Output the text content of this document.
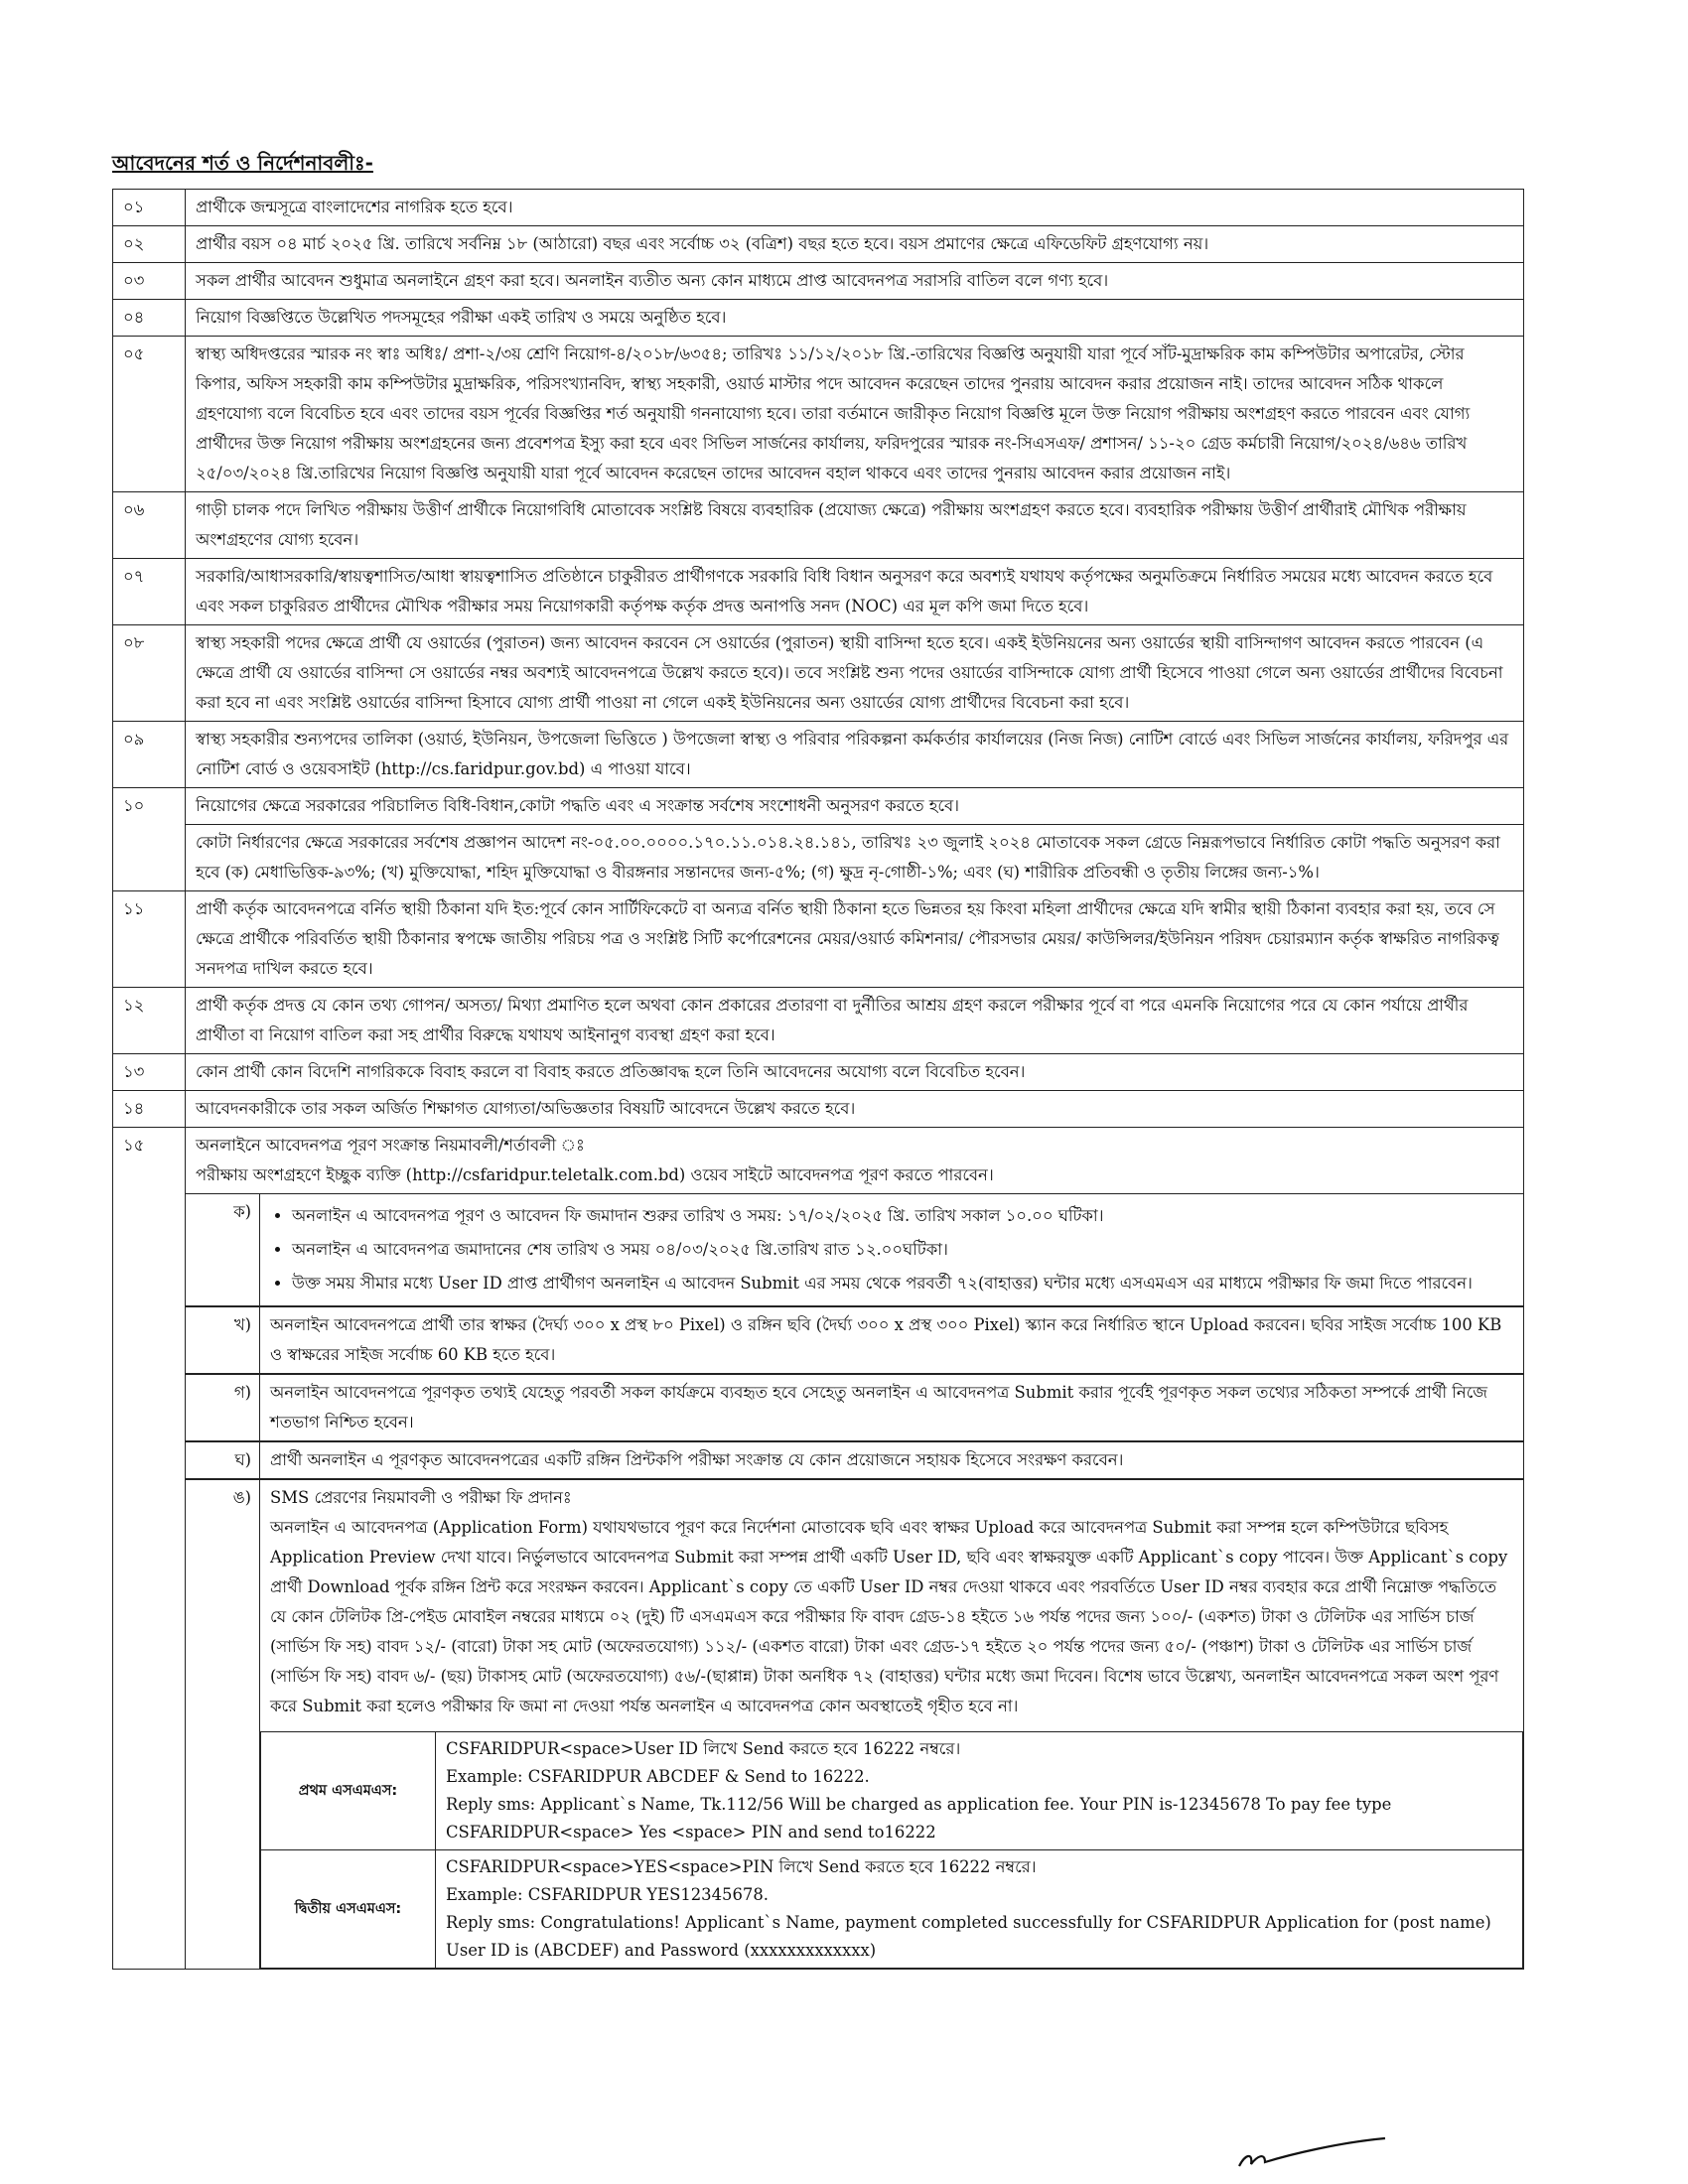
আবেদনের শর্ত ও নির্দেশনাবলীঃ-
০১	প্রার্থীকে জন্মসূত্রে বাংলাদেশের নাগরিক হতে হবে।
০২	প্রার্থীর বয়স ০৪ মার্চ ২০২৫ খ্রি. তারিখে সর্বনিম্ন ১৮ (আঠারো) বছর এবং সর্বোচ্চ ৩২ (বত্রিশ) বছর হতে হবে। বয়স প্রমাণের ক্ষেত্রে এফিডেফিট গ্রহণযোগ্য নয়।
০৩	সকল প্রার্থীর আবেদন শুধুমাত্র অনলাইনে গ্রহণ করা হবে। অনলাইন ব্যতীত অন্য কোন মাধ্যমে প্রাপ্ত আবেদনপত্র সরাসরি বাতিল বলে গণ্য হবে।
০৪	নিয়োগ বিজ্ঞপ্তিতে উল্লেখিত পদসমূহের পরীক্ষা একই তারিখ ও সময়ে অনুষ্ঠিত হবে।
০৫	স্বাস্থ্য অধিদপ্তরের স্মারক নং স্বাঃ অধিঃ/ প্রশা-২/৩য় শ্রেণি নিয়োগ-৪/২০১৮/৬৩৫৪; তারিখঃ ১১/১২/২০১৮ খ্রি.-তারিখের বিজ্ঞপ্তি অনুযায়ী যারা পূর্বে সাঁট-মুদ্রাক্ষরিক কাম কম্পিউটার অপারেটর, স্টোর কিপার, অফিস সহকারী কাম কম্পিউটার মুদ্রাক্ষরিক, পরিসংখ্যানবিদ, স্বাস্থ্য সহকারী, ওয়ার্ড মাস্টার পদে আবেদন করেছেন তাদের পুনরায় আবেদন করার প্রয়োজন নাই। তাদের আবেদন সঠিক থাকলে গ্রহণযোগ্য বলে বিবেচিত হবে এবং তাদের বয়স পূর্বের বিজ্ঞপ্তির শর্ত অনুযায়ী গননাযোগ্য হবে। তারা বর্তমানে জারীকৃত নিয়োগ বিজ্ঞপ্তি মূলে উক্ত নিয়োগ পরীক্ষায় অংশগ্রহণ করতে পারবেন এবং যোগ্য প্রার্থীদের উক্ত নিয়োগ পরীক্ষায় অংশগ্রহনের জন্য প্রবেশপত্র ইস্যু করা হবে এবং সিভিল সার্জনের কার্যালয়, ফরিদপুরের স্মারক নং-সিএসএফ/ প্রশাসন/ ১১-২০ গ্রেড কর্মচারী নিয়োগ/২০২৪/৬৪৬ তারিখ ২৫/০৩/২০২৪ খ্রি.তারিখের নিয়োগ বিজ্ঞপ্তি অনুযায়ী যারা পূর্বে আবেদন করেছেন তাদের আবেদন বহাল থাকবে এবং তাদের পুনরায় আবেদন করার প্রয়োজন নাই।
০৬	গাড়ী চালক পদে লিখিত পরীক্ষায় উত্তীর্ণ প্রার্থীকে নিয়োগবিধি মোতাবেক সংশ্লিষ্ট বিষয়ে ব্যবহারিক (প্রযোজ্য ক্ষেত্রে) পরীক্ষায় অংশগ্রহণ করতে হবে। ব্যবহারিক পরীক্ষায় উত্তীর্ণ প্রার্থীরাই মৌখিক পরীক্ষায় অংশগ্রহণের যোগ্য হবেন।
০৭	সরকারি/আধাসরকারি/স্বায়ত্বশাসিত/আধা স্বায়ত্বশাসিত প্রতিষ্ঠানে চাকুরীরত প্রার্থীগণকে সরকারি বিধি বিধান অনুসরণ করে অবশ্যই যথাযথ কর্তৃপক্ষের অনুমতিক্রমে নির্ধারিত সময়ের মধ্যে আবেদন করতে হবে এবং সকল চাকুরিরত প্রার্থীদের মৌখিক পরীক্ষার সময় নিয়োগকারী কর্তৃপক্ষ কর্তৃক প্রদত্ত অনাপত্তি সনদ (NOC) এর মূল কপি জমা দিতে হবে।
০৮	স্বাস্থ্য সহকারী পদের ক্ষেত্রে প্রার্থী যে ওয়ার্ডের (পুরাতন) জন্য আবেদন করবেন সে ওয়ার্ডের (পুরাতন) স্থায়ী বাসিন্দা হতে হবে। একই ইউনিয়নের অন্য ওয়ার্ডের স্থায়ী বাসিন্দাগণ আবেদন করতে পারবেন (এ ক্ষেত্রে প্রার্থী যে ওয়ার্ডের বাসিন্দা সে ওয়ার্ডের নম্বর অবশ্যই আবেদনপত্রে উল্লেখ করতে হবে)। তবে সংশ্লিষ্ট শুন্য পদের ওয়ার্ডের বাসিন্দাকে যোগ্য প্রার্থী হিসেবে পাওয়া গেলে অন্য ওয়ার্ডের প্রার্থীদের বিবেচনা করা হবে না এবং সংশ্লিষ্ট ওয়ার্ডের বাসিন্দা হিসাবে যোগ্য প্রার্থী পাওয়া না গেলে একই ইউনিয়নের অন্য ওয়ার্ডের যোগ্য প্রার্থীদের বিবেচনা করা হবে।
০৯	স্বাস্থ্য সহকারীর শুন্যপদের তালিকা (ওয়ার্ড, ইউনিয়ন, উপজেলা ভিত্তিতে ) উপজেলা স্বাস্থ্য ও পরিবার পরিকল্পনা কর্মকর্তার কার্যালয়ের (নিজ নিজ) নোটিশ বোর্ডে এবং সিভিল সার্জনের কার্যালয়, ফরিদপুর এর নোটিশ বোর্ড ও ওয়েবসাইট (http://cs.faridpur.gov.bd) এ পাওয়া যাবে।
১০	নিয়োগের ক্ষেত্রে সরকারের পরিচালিত বিধি-বিধান,কোটা পদ্ধতি এবং এ সংক্রান্ত সর্বশেষ সংশোধনী অনুসরণ করতে হবে।
কোটা নির্ধারণের ক্ষেত্রে সরকারের সর্বশেষ প্রজ্ঞাপন আদেশ নং-০৫.০০.০০০০.১৭০.১১.০১৪.২৪.১৪১, তারিখঃ ২৩ জুলাই ২০২৪ মোতাবেক সকল গ্রেডে নিম্নরূপভাবে নির্ধারিত কোটা পদ্ধতি অনুসরণ করা হবে (ক) মেধাভিত্তিক-৯৩%; (খ) মুক্তিযোদ্ধা, শহিদ মুক্তিযোদ্ধা ও বীরঙ্গনার সন্তানদের জন্য-৫%; (গ) ক্ষুদ্র নৃ-গোষ্ঠী-১%; এবং (ঘ) শারীরিক প্রতিবন্ধী ও তৃতীয় লিঙ্গের জন্য-১%।
১১	প্রার্থী কর্তৃক আবেদনপত্রে বর্নিত স্থায়ী ঠিকানা যদি ইত:পূর্বে কোন সার্টিফিকেটে বা অন্যত্র বর্নিত স্থায়ী ঠিকানা হতে ভিন্নতর হয় কিংবা মহিলা প্রার্থীদের ক্ষেত্রে যদি স্বামীর স্থায়ী ঠিকানা ব্যবহার করা হয়, তবে সে ক্ষেত্রে প্রার্থীকে পরিবর্তিত স্থায়ী ঠিকানার স্বপক্ষে জাতীয় পরিচয় পত্র ও সংশ্লিষ্ট সিটি কর্পোরেশনের মেয়র/ওয়ার্ড কমিশনার/ পৌরসভার মেয়র/ কাউন্সিলর/ইউনিয়ন পরিষদ চেয়ারম্যান কর্তৃক স্বাক্ষরিত নাগরিকত্ব সনদপত্র দাখিল করতে হবে।
১২	প্রার্থী কর্তৃক প্রদত্ত যে কোন তথ্য গোপন/ অসত্য/ মিথ্যা প্রমাণিত হলে অথবা কোন প্রকারের প্রতারণা বা দুর্নীতির আশ্রয় গ্রহণ করলে পরীক্ষার পূর্বে বা পরে এমনকি নিয়োগের পরে যে কোন পর্যায়ে প্রার্থীর প্রার্থীতা বা নিয়োগ বাতিল করা সহ প্রার্থীর বিরুদ্ধে যথাযথ আইনানুগ ব্যবস্থা গ্রহণ করা হবে।
১৩	কোন প্রার্থী কোন বিদেশি নাগরিককে বিবাহ করলে বা বিবাহ করতে প্রতিজ্ঞাবদ্ধ হলে তিনি আবেদনের অযোগ্য বলে বিবেচিত হবেন।
১৪	আবেদনকারীকে তার সকল অর্জিত শিক্ষাগত যোগ্যতা/অভিজ্ঞতার বিষয়টি আবেদনে উল্লেখ করতে হবে।
১৫	অনলাইনে আবেদনপত্র পূরণ সংক্রান্ত নিয়মাবলী/শর্তাবলী ঃ
পরীক্ষায় অংশগ্রহণে ইচ্ছুক ব্যক্তি (http://csfaridpur.teletalk.com.bd) ওয়েব সাইটে আবেদনপত্র পূরণ করতে পারবেন।
ক)
•	অনলাইন এ আবেদনপত্র পূরণ ও আবেদন ফি জমাদান শুরুর তারিখ ও সময়: ১৭/০২/২০২৫ খ্রি. তারিখ সকাল ১০.০০ ঘটিকা।
• অনলাইন এ আবেদনপত্র জমাদানের শেষ তারিখ ও সময় ০৪/০৩/২০২৫ খ্রি.তারিখ রাত ১২.০০ঘটিকা।
• উক্ত সময় সীমার মধ্যে User ID প্রাপ্ত প্রার্থীগণ অনলাইন এ আবেদন Submit এর সময় থেকে পরবর্তী ৭২(বাহাত্তর) ঘন্টার মধ্যে এসএমএস এর মাধ্যমে পরীক্ষার ফি জমা দিতে পারবেন।
খ)	অনলাইন আবেদনপত্রে প্রার্থী তার স্বাক্ষর (দৈর্ঘ্য ৩০০ x প্রস্থ ৮০ Pixel) ও রঙ্গিন ছবি (দৈর্ঘ্য ৩০০ x প্রস্থ ৩০০ Pixel) স্ক্যান করে নির্ধারিত স্থানে Upload করবেন। ছবির সাইজ সর্বোচ্চ 100 KB ও স্বাক্ষরের সাইজ সর্বোচ্চ 60 KB হতে হবে।
গ)	অনলাইন আবেদনপত্রে পূরণকৃত তথ্যই যেহেতু পরবর্তী সকল কার্যক্রমে ব্যবহৃত হবে সেহেতু অনলাইন এ আবেদনপত্র Submit করার পূর্বেই পূরণকৃত সকল তথ্যের সঠিকতা সম্পর্কে প্রার্থী নিজে শতভাগ নিশ্চিত হবেন।
ঘ)	প্রার্থী অনলাইন এ পূরণকৃত আবেদনপত্রের একটি রঙ্গিন প্রিন্টকপি পরীক্ষা সংক্রান্ত যে কোন প্রয়োজনে সহায়ক হিসেবে সংরক্ষণ করবেন।
ঙ)	SMS প্রেরণের নিয়মাবলী ও পরীক্ষা ফি প্রদানঃ
অনলাইন এ আবেদনপত্র (Application Form) যথাযথভাবে পূরণ করে নির্দেশনা মোতাবেক ছবি এবং স্বাক্ষর Upload করে আবেদনপত্র Submit করা সম্পন্ন হলে কম্পিউটারে ছবিসহ Application Preview দেখা যাবে। নির্ভুলভাবে আবেদনপত্র Submit করা সম্পন্ন প্রার্থী একটি User ID, ছবি এবং স্বাক্ষরযুক্ত একটি Applicant`s copy পাবেন। উক্ত Applicant`s copy প্রার্থী Download পূর্বক রঙ্গিন প্রিন্ট করে সংরক্ষন করবেন। Applicant`s copy তে একটি User ID নম্বর দেওয়া থাকবে এবং পরবর্তিতে User ID নম্বর ব্যবহার করে প্রার্থী নিম্নোক্ত পদ্ধতিতে যে কোন টেলিটক প্রি-পেইড মোবাইল নম্বরের মাধ্যমে ০২ (দুই) টি এসএমএস করে পরীক্ষার ফি বাবদ গ্রেড-১৪ হইতে ১৬ পর্যন্ত পদের জন্য ১০০/- (একশত) টাকা ও টেলিটক এর সার্ভিস চার্জ (সার্ভিস ফি সহ) বাবদ ১২/- (বারো) টাকা সহ মোট (অফেরতযোগ্য) ১১২/- (একশত বারো) টাকা এবং গ্রেড-১৭ হইতে ২০ পর্যন্ত পদের জন্য ৫০/- (পঞ্চাশ) টাকা ও টেলিটক এর সার্ভিস চার্জ (সার্ভিস ফি সহ) বাবদ ৬/- (ছয়) টাকাসহ মোট (অফেরতযোগ্য) ৫৬/-(ছাপ্পান্ন) টাকা অনধিক ৭২ (বাহাত্তর) ঘন্টার মধ্যে জমা দিবেন। বিশেষ ভাবে উল্লেখ্য, অনলাইন আবেদনপত্রে সকল অংশ পূরণ করে Submit করা হলেও পরীক্ষার ফি জমা না দেওয়া পর্যন্ত অনলাইন এ আবেদনপত্র কোন অবস্থাতেই গৃহীত হবে না।
প্রথম এসএমএস:	
CSFARIDPUR<space>User ID লিখে Send করতে হবে 16222 নম্বরে।
Example: CSFARIDPUR ABCDEF & Send to 16222.
Reply sms: Applicant`s Name, Tk.112/56 Will be charged as application fee. Your PIN is-12345678 To pay fee type CSFARIDPUR<space> Yes <space> PIN and send to16222

দ্বিতীয় এসএমএস:	
CSFARIDPUR<space>YES<space>PIN লিখে Send করতে হবে 16222 নম্বরে।
Example: CSFARIDPUR YES12345678.
Reply sms: Congratulations! Applicant`s Name, payment completed successfully for CSFARIDPUR Application for (post name) User ID is (ABCDEF) and Password (xxxxxxxxxxxxx)
